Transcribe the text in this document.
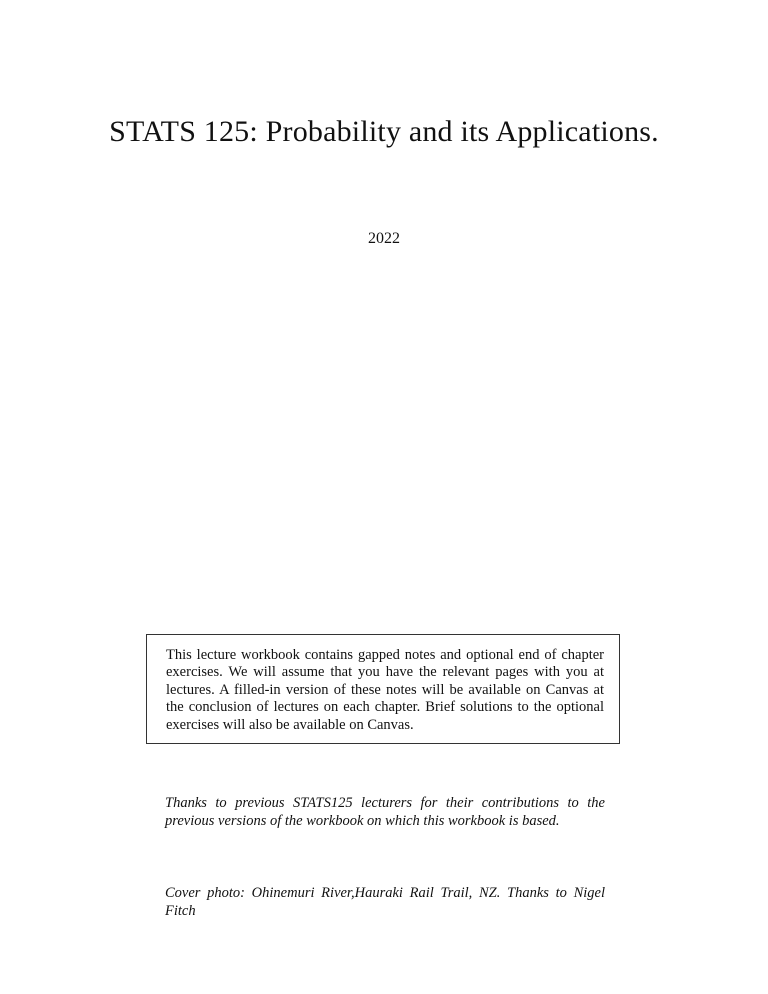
STATS 125: Probability and its Applications.
2022
This lecture workbook contains gapped notes and optional end of chapter exercises. We will assume that you have the relevant pages with you at lectures. A filled-in version of these notes will be available on Canvas at the conclusion of lectures on each chapter. Brief solutions to the optional exercises will also be available on Canvas.
Thanks to previous STATS125 lecturers for their contributions to the previous versions of the workbook on which this workbook is based.
Cover photo: Ohinemuri River,Hauraki Rail Trail, NZ. Thanks to Nigel Fitch
